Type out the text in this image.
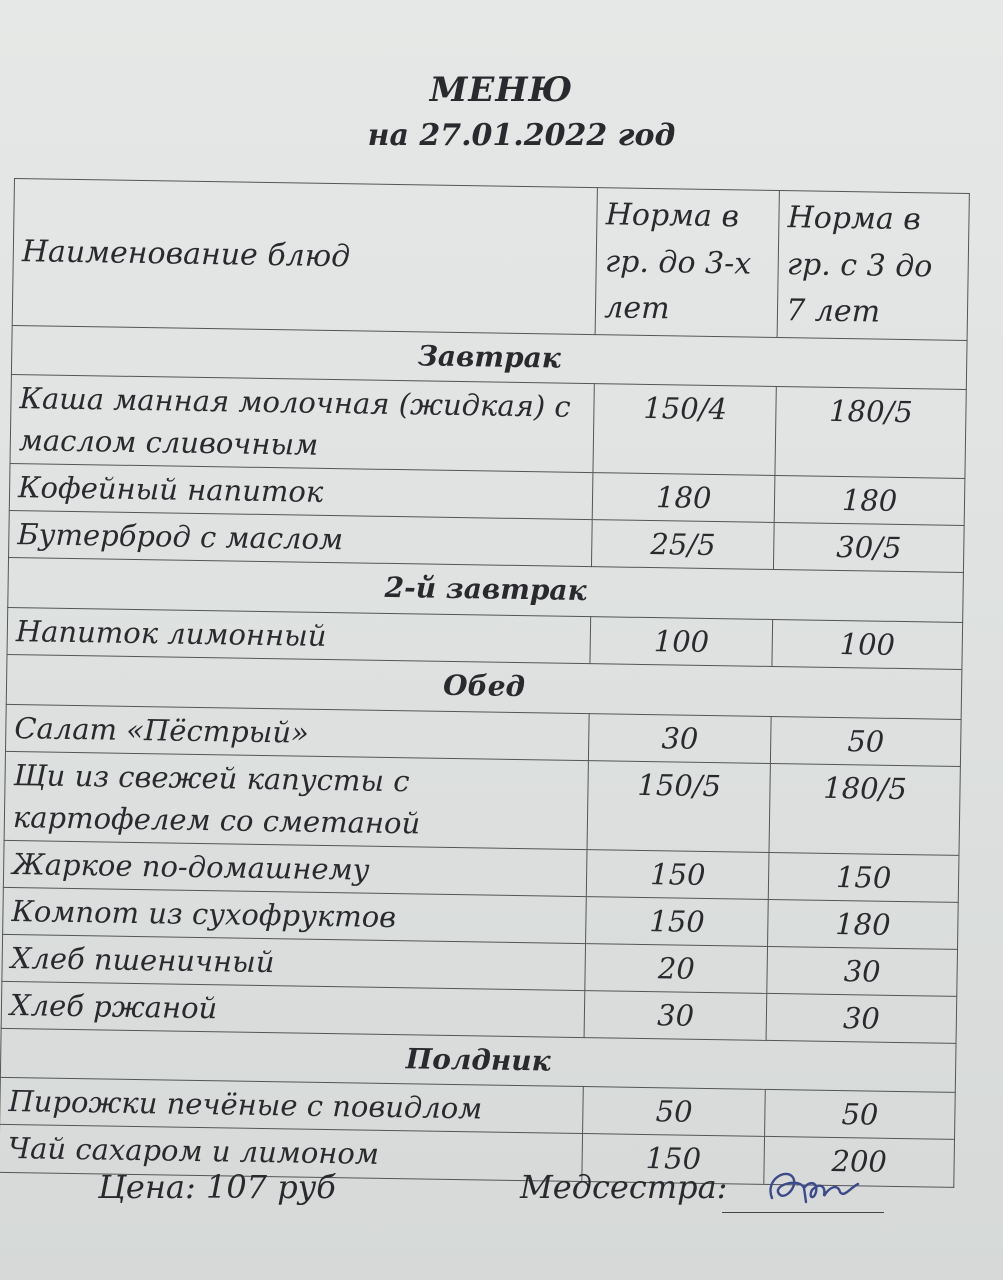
МЕНЮ
на 27.01.2022 год
Наименование блюд	Норма в гр. до 3-х лет	Норма в гр. с 3 до 7 лет
Завтрак		
Каша манная молочная (жидкая) с маслом сливочным	150/4	180/5
Кофейный напиток	180	180
Бутерброд с маслом	25/5	30/5
2-й завтрак		
Напиток лимонный	100	100
Обед		
Салат «Пёстрый»	30	50
Щи из свежей капусты с картофелем со сметаной	150/5	180/5
Жаркое по-домашнему	150	150
Компот из сухофруктов	150	180
Хлеб пшеничный	20	30
Хлеб ржаной	30	30
Полдник		
Пирожки печёные с повидлом	50	50
Чай сахаром и лимоном	150	200
Цена: 107 руб	Медсестра:
